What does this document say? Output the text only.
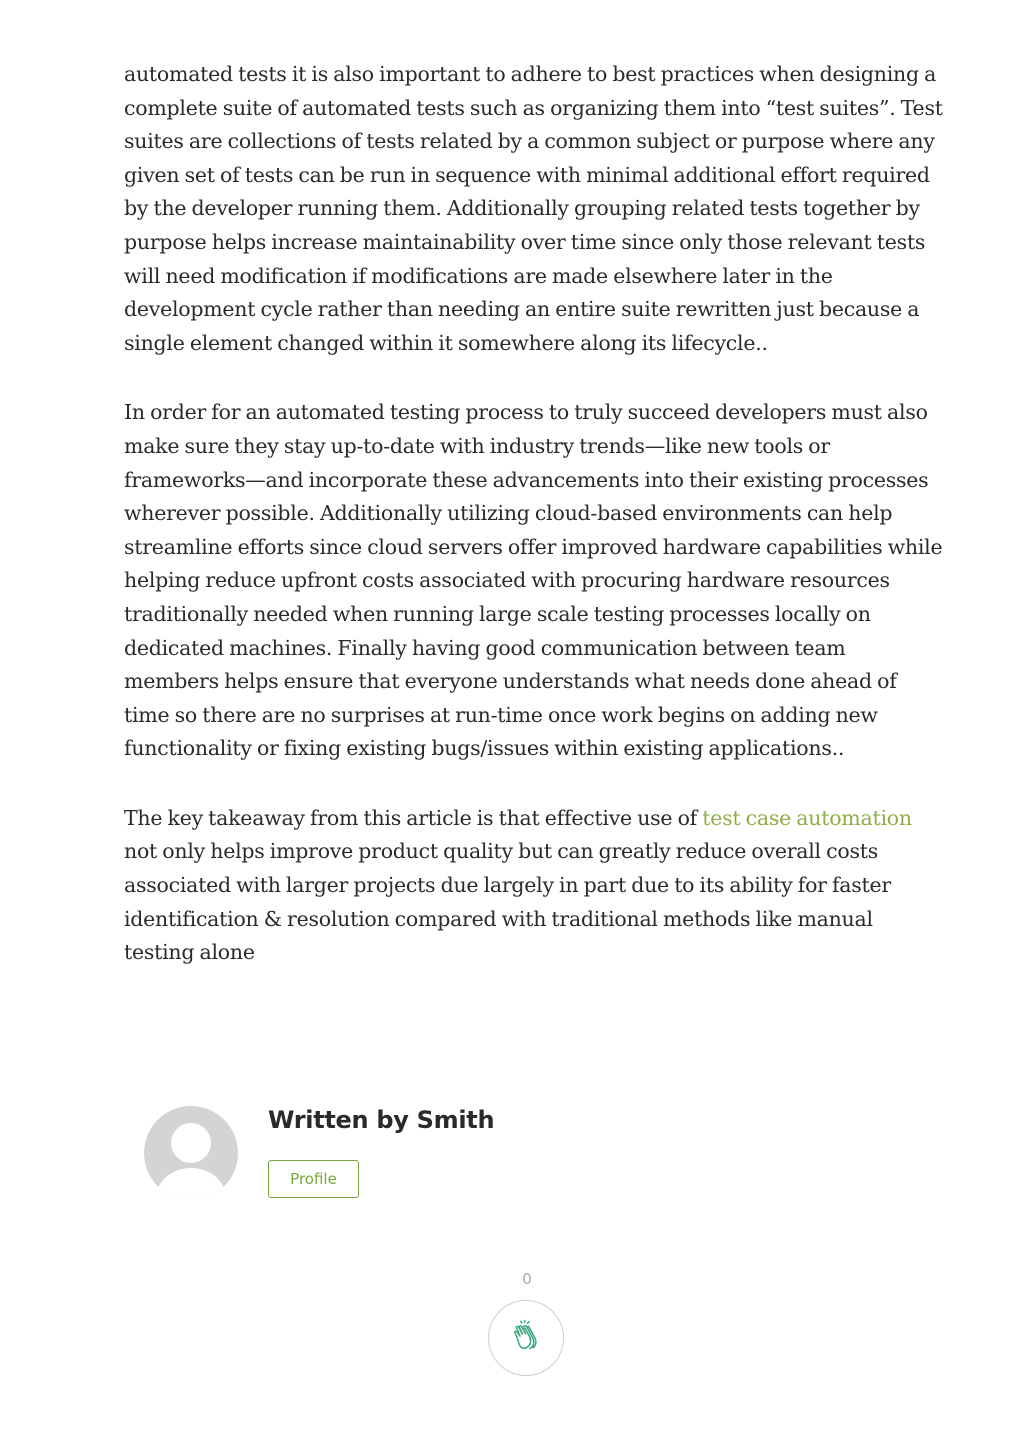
automated tests it is also important to adhere to best practices when designing a complete suite of automated tests such as organizing them into “test suites”. Test suites are collections of tests related by a common subject or purpose where any given set of tests can be run in sequence with minimal additional effort required by the developer running them. Additionally grouping related tests together by purpose helps increase maintainability over time since only those relevant tests will need modification if modifications are made elsewhere later in the development cycle rather than needing an entire suite rewritten just because a single element changed within it somewhere along its lifecycle..

In order for an automated testing process to truly succeed developers must also make sure they stay up-to-date with industry trends—like new tools or frameworks—and incorporate these advancements into their existing processes wherever possible. Additionally utilizing cloud-based environments can help streamline efforts since cloud servers offer improved hardware capabilities while helping reduce upfront costs associated with procuring hardware resources traditionally needed when running large scale testing processes locally on dedicated machines. Finally having good communication between team members helps ensure that everyone understands what needs done ahead of time so there are no surprises at run-time once work begins on adding new functionality or fixing existing bugs/issues within existing applications..

The key takeaway from this article is that effective use of test case automation not only helps improve product quality but can greatly reduce overall costs associated with larger projects due largely in part due to its ability for faster identification & resolution compared with traditional methods like manual testing alone

Written by Smith
Profile
0
